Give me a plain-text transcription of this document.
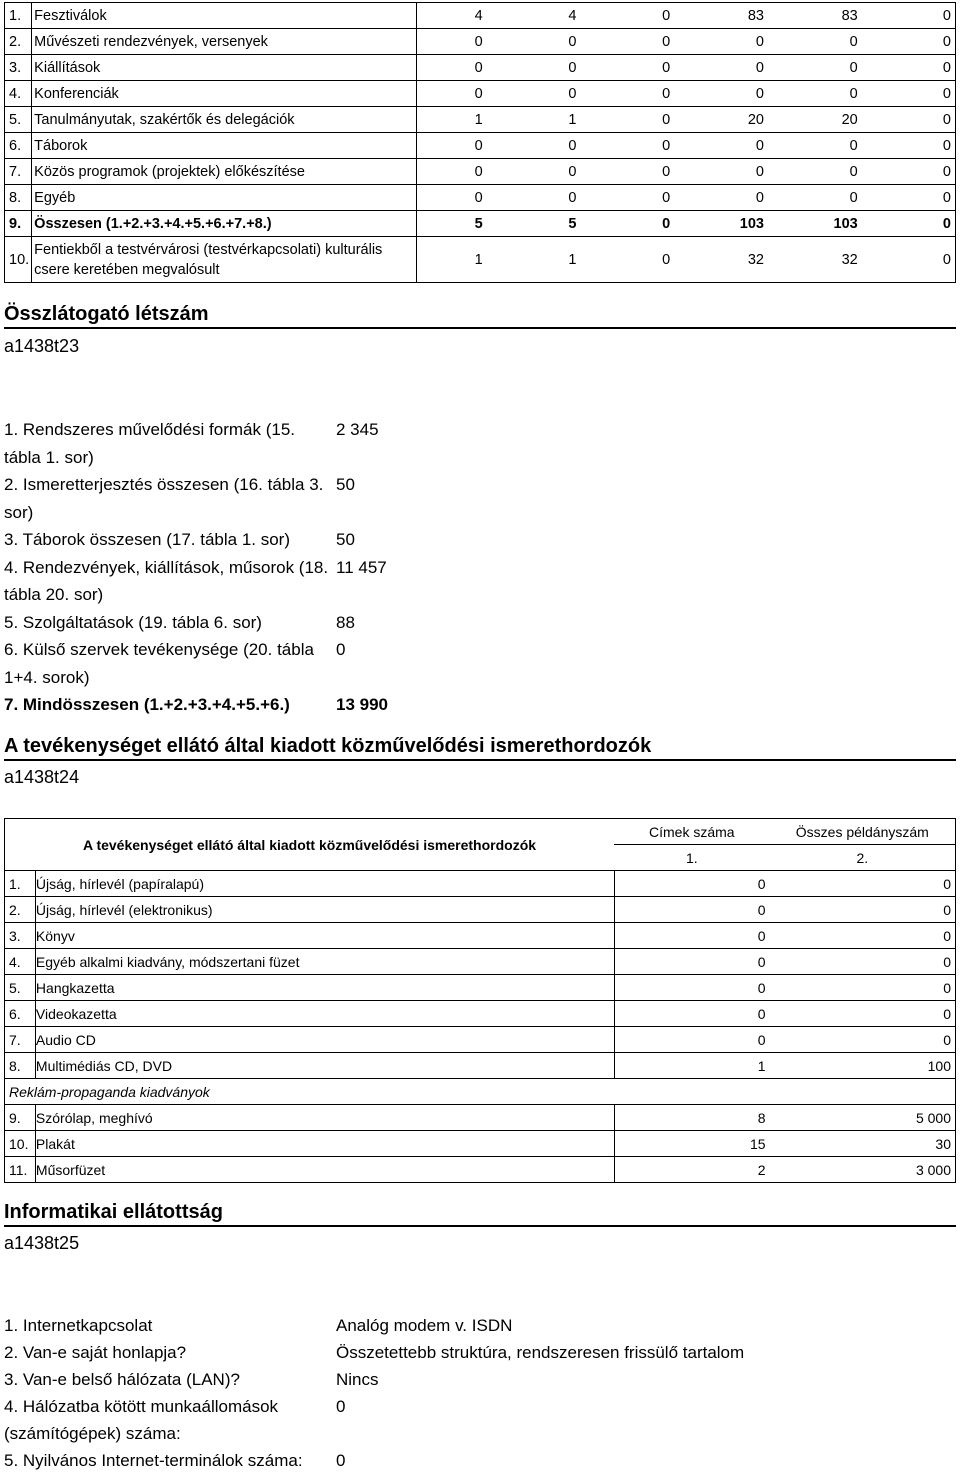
1.	Fesztiválok	4	4	0	83	83	0
2.	Művészeti rendezvények, versenyek	0	0	0	0	0	0
3.	Kiállítások	0	0	0	0	0	0
4.	Konferenciák	0	0	0	0	0	0
5.	Tanulmányutak, szakértők és delegációk	1	1	0	20	20	0
6.	Táborok	0	0	0	0	0	0
7.	Közös programok (projektek) előkészítése	0	0	0	0	0	0
8.	Egyéb	0	0	0	0	0	0
9.	Összesen (1.+2.+3.+4.+5.+6.+7.+8.)	5	5	0	103	103	0
10.	Fentiekből a testvérvárosi (testvérkapcsolati) kulturális csere keretében megvalósult	1	1	0	32	32	0
Összlátogató létszám
a1438t23
1. Rendszeres művelődési formák (15. tábla 1. sor)
2 345
2. Ismeretterjesztés összesen (16. tábla 3. sor)
50
3. Táborok összesen (17. tábla 1. sor)	50
4. Rendezvények, kiállítások, műsorok (18. tábla 20. sor)
11 457
5. Szolgáltatások (19. tábla 6. sor)	88
6. Külső szervek tevékenysége (20. tábla 1+4. sorok)
0
7. Mindösszesen (1.+2.+3.+4.+5.+6.)	13 990
A tevékenységet ellátó által kiadott közművelődési ismerethordozók
a1438t24
A tevékenységet ellátó által kiadott közművelődési ismerethordozók		Címek száma	Összes példányszám
		1.	2.
1.	Újság, hírlevél (papíralapú)	0	0
2.	Újság, hírlevél (elektronikus)	0	0
3.	Könyv	0	0
4.	Egyéb alkalmi kiadvány, módszertani füzet	0	0
5.	Hangkazetta	0	0
6.	Videokazetta	0	0
7.	Audio CD	0	0
8.	Multimédiás CD, DVD	1	100
Reklám-propaganda kiadványok			
9.	Szórólap, meghívó	8	5 000
10.	Plakát	15	30
11.	Műsorfüzet	2	3 000
Informatikai ellátottság
a1438t25
1. Internetkapcsolat	Analóg modem v. ISDN
2. Van-e saját honlapja?	Összetettebb struktúra, rendszeresen frissülő tartalom
3. Van-e belső hálózata (LAN)?	Nincs
4. Hálózatba kötött munkaállomások (számítógépek) száma:
0
5. Nyilvános Internet-terminálok száma:	0
